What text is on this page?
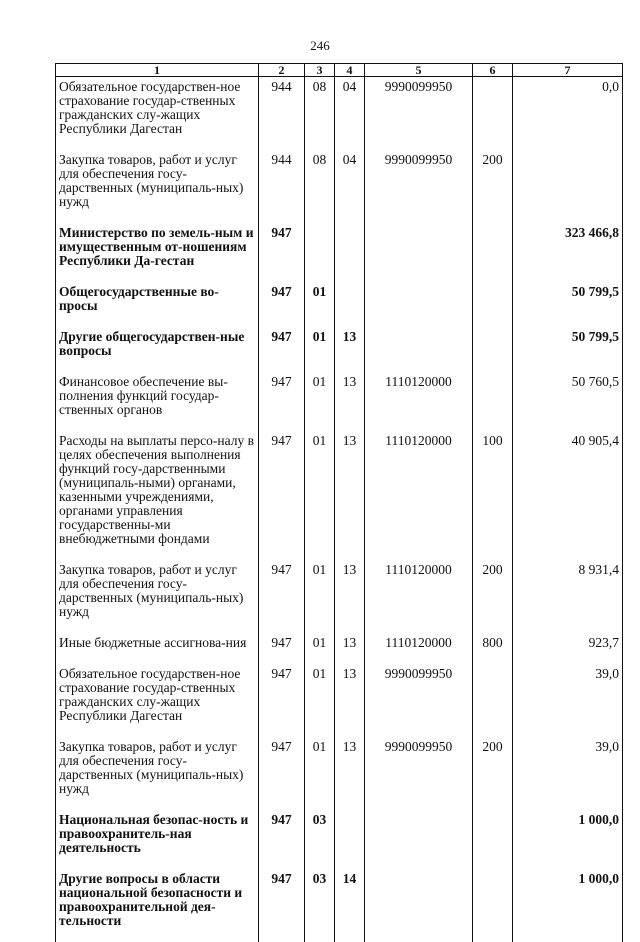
246
1	2	3	4	5	6	7
Обязательное государствен-ное страхование государ-ственных гражданских слу-жащих Республики Дагестан	944	08	04	9990099950		0,0
Закупка товаров, работ и услуг для обеспечения госу-дарственных (муниципаль-ных) нужд	944	08	04	9990099950	200	
Министерство по земель-ным и имущественным от-ношениям Республики Да-гестан	947					323 466,8
Общегосударственные во-просы	947	01				50 799,5
Другие общегосударствен-ные вопросы	947	01	13			50 799,5
Финансовое обеспечение вы-полнения функций государ-ственных органов	947	01	13	1110120000		50 760,5
Расходы на выплаты персо-налу в целях обеспечения выполнения функций госу-дарственными (муниципаль-ными) органами, казенными учреждениями, органами управления государственны-ми внебюджетными фондами	947	01	13	1110120000	100	40 905,4
Закупка товаров, работ и услуг для обеспечения госу-дарственных (муниципаль-ных) нужд	947	01	13	1110120000	200	8 931,4
Иные бюджетные ассигнова-ния	947	01	13	1110120000	800	923,7
Обязательное государствен-ное страхование государ-ственных гражданских слу-жащих Республики Дагестан	947	01	13	9990099950		39,0
Закупка товаров, работ и услуг для обеспечения госу-дарственных (муниципаль-ных) нужд	947	01	13	9990099950	200	39,0
Национальная безопас-ность и правоохранитель-ная деятельность	947	03				1 000,0
Другие вопросы в области национальной безопасности и правоохранительной дея-тельности	947	03	14			1 000,0
